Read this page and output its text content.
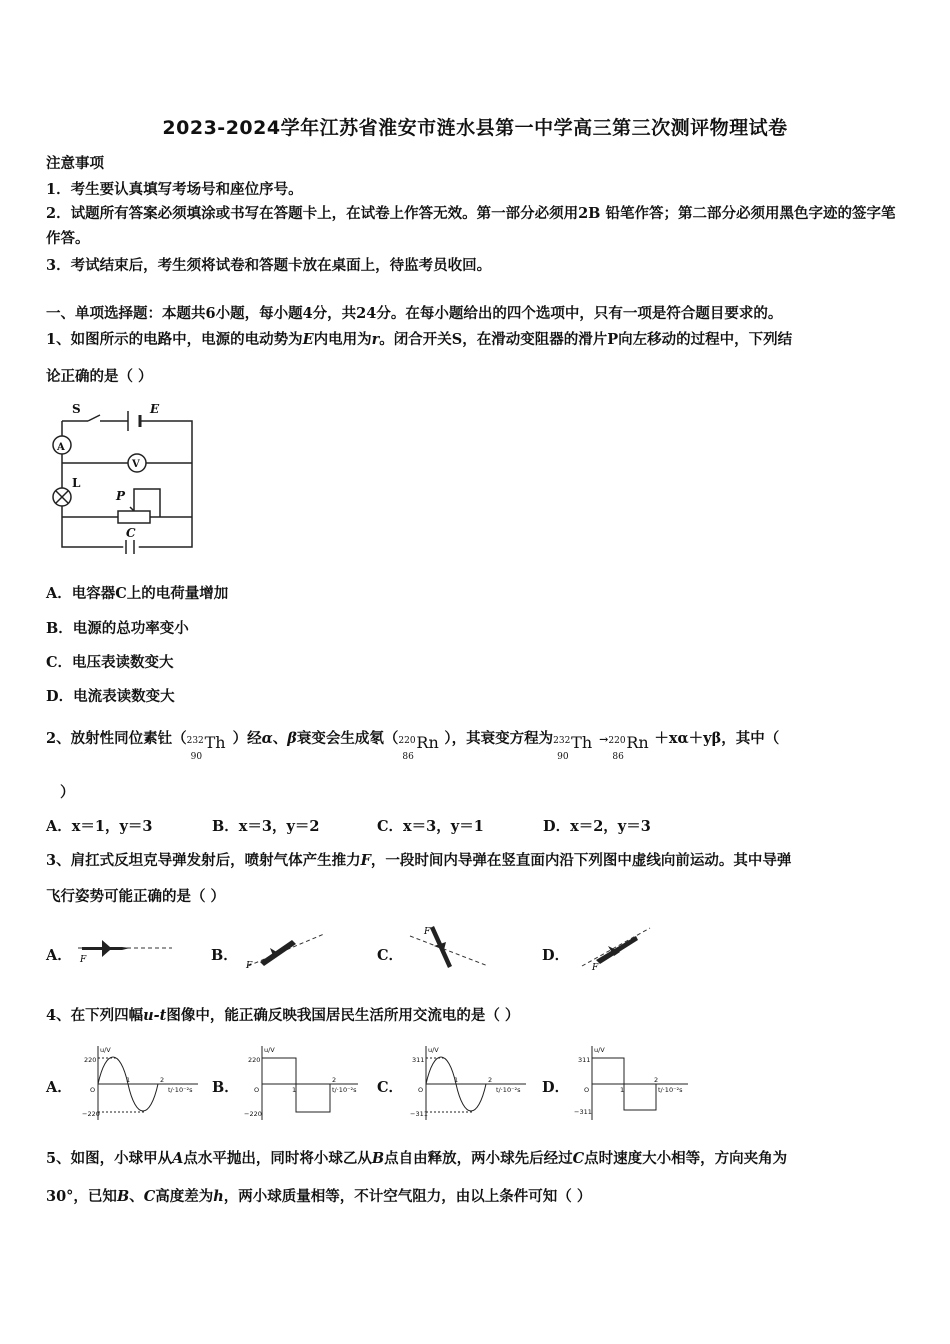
2023-2024学年江苏省淮安市涟水县第一中学高三第三次测评物理试卷
注意事项
1．考生要认真填写考场号和座位序号。
2．试题所有答案必须填涂或书写在答题卡上，在试卷上作答无效。第一部分必须用2B 铅笔作答；第二部分必须用黑色字迹的签字笔作答。
3．考试结束后，考生须将试卷和答题卡放在桌面上，待监考员收回。
一、单项选择题：本题共6小题，每小题4分，共24分。在每小题给出的四个选项中，只有一项是符合题目要求的。
1、如图所示的电路中，电源的电动势为E内电用为r。闭合开关S，在滑动变阻器的滑片P向左移动的过程中，下列结
论正确的是（ ）
S	E
A
V
L
P
C
A．电容器C上的电荷量增加
B．电源的总功率变小
C．电压表读数变大
D．电流表读数变大
2、放射性同位素钍（ 232
90
Th ）经α、β衰变会生成氡（ 220
86
Rn ），其衰变方程为 232
90
Th → 220
86
Rn ＋xα＋yβ，其中（
）
A．x＝1，y＝3	B．x＝3，y＝2	C．x＝3，y＝1	D．x＝2，y＝3
3、肩扛式反坦克导弹发射后，喷射气体产生推力F，一段时间内导弹在竖直面内沿下列图中虚线向前运动。其中导弹
飞行姿势可能正确的是（ ）
A． F	B．
F
C．
F
D．
F
4、在下列四幅u-t图像中，能正确反映我国居民生活所用交流电的是（ ）
A．
u/V
220
−220
O
1	2
t/·10⁻²s B．
u/V
220
−220
O	1
2
t/·10⁻²s C．
u/V
311
−311
O
1	2
t/·10⁻²s D．
u/V
311
−311
O	1
2
t/·10⁻²s
5、如图，小球甲从A点水平抛出，同时将小球乙从B点自由释放，两小球先后经过C点时速度大小相等，方向夹角为
30°，已知B、C高度差为h，两小球质量相等，不计空气阻力，由以上条件可知（ ）
